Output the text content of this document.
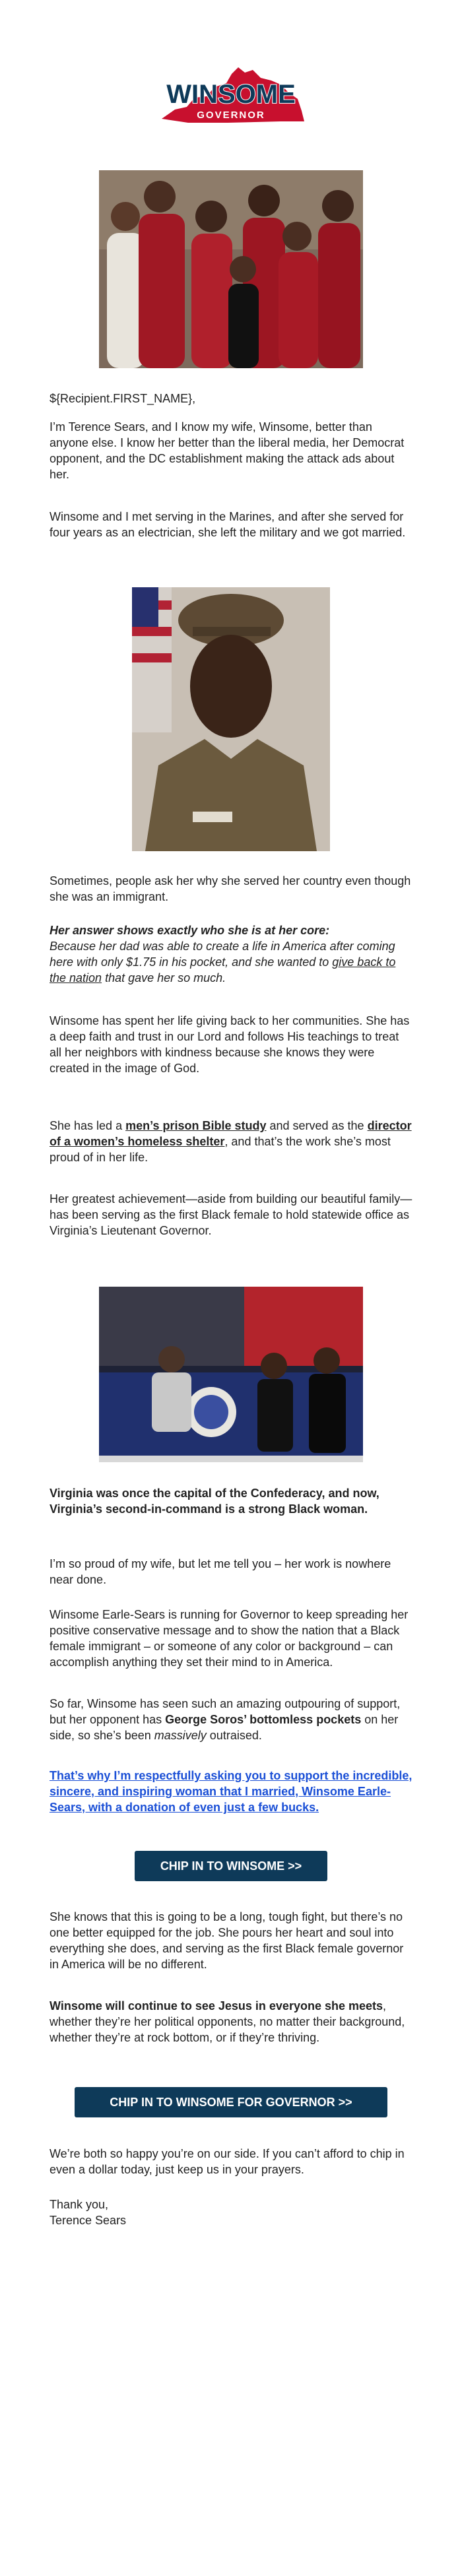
WINSOME
GOVERNOR

${Recipient.FIRST_NAME},

I’m Terence Sears, and I know my wife, Winsome, better than anyone else. I know her better than the liberal media, her Democrat opponent, and the DC establishment making the attack ads about her.

Winsome and I met serving in the Marines, and after she served for four years as an electrician, she left the military and we got married.

Sometimes, people ask her why she served her country even though she was an immigrant.

Her answer shows exactly who she is at her core:
Because her dad was able to create a life in America after coming here with only $1.75 in his pocket, and she wanted to give back to the nation that gave her so much.

Winsome has spent her life giving back to her communities. She has a deep faith and trust in our Lord and follows His teachings to treat all her neighbors with kindness because she knows they were created in the image of God.

She has led a men’s prison Bible study and served as the director of a women’s homeless shelter, and that’s the work she’s most proud of in her life.

Her greatest achievement—aside from building our beautiful family—has been serving as the first Black female to hold statewide office as Virginia’s Lieutenant Governor.

Virginia was once the capital of the Confederacy, and now, Virginia’s second-in-command is a strong Black woman.

I’m so proud of my wife, but let me tell you – her work is nowhere near done.

Winsome Earle-Sears is running for Governor to keep spreading her positive conservative message and to show the nation that a Black female immigrant – or someone of any color or background – can accomplish anything they set their mind to in America.

So far, Winsome has seen such an amazing outpouring of support, but her opponent has George Soros’ bottomless pockets on her side, so she’s been massively outraised.

That’s why I’m respectfully asking you to support the incredible, sincere, and inspiring woman that I married, Winsome Earle-Sears, with a donation of even just a few bucks.

CHIP IN TO WINSOME >>

She knows that this is going to be a long, tough fight, but there’s no one better equipped for the job. She pours her heart and soul into everything she does, and serving as the first Black female governor in America will be no different.

Winsome will continue to see Jesus in everyone she meets, whether they’re her political opponents, no matter their background, whether they’re at rock bottom, or if they’re thriving.

CHIP IN TO WINSOME FOR GOVERNOR >>

We’re both so happy you’re on our side. If you can’t afford to chip in even a dollar today, just keep us in your prayers.

Thank you,

Terence Sears
